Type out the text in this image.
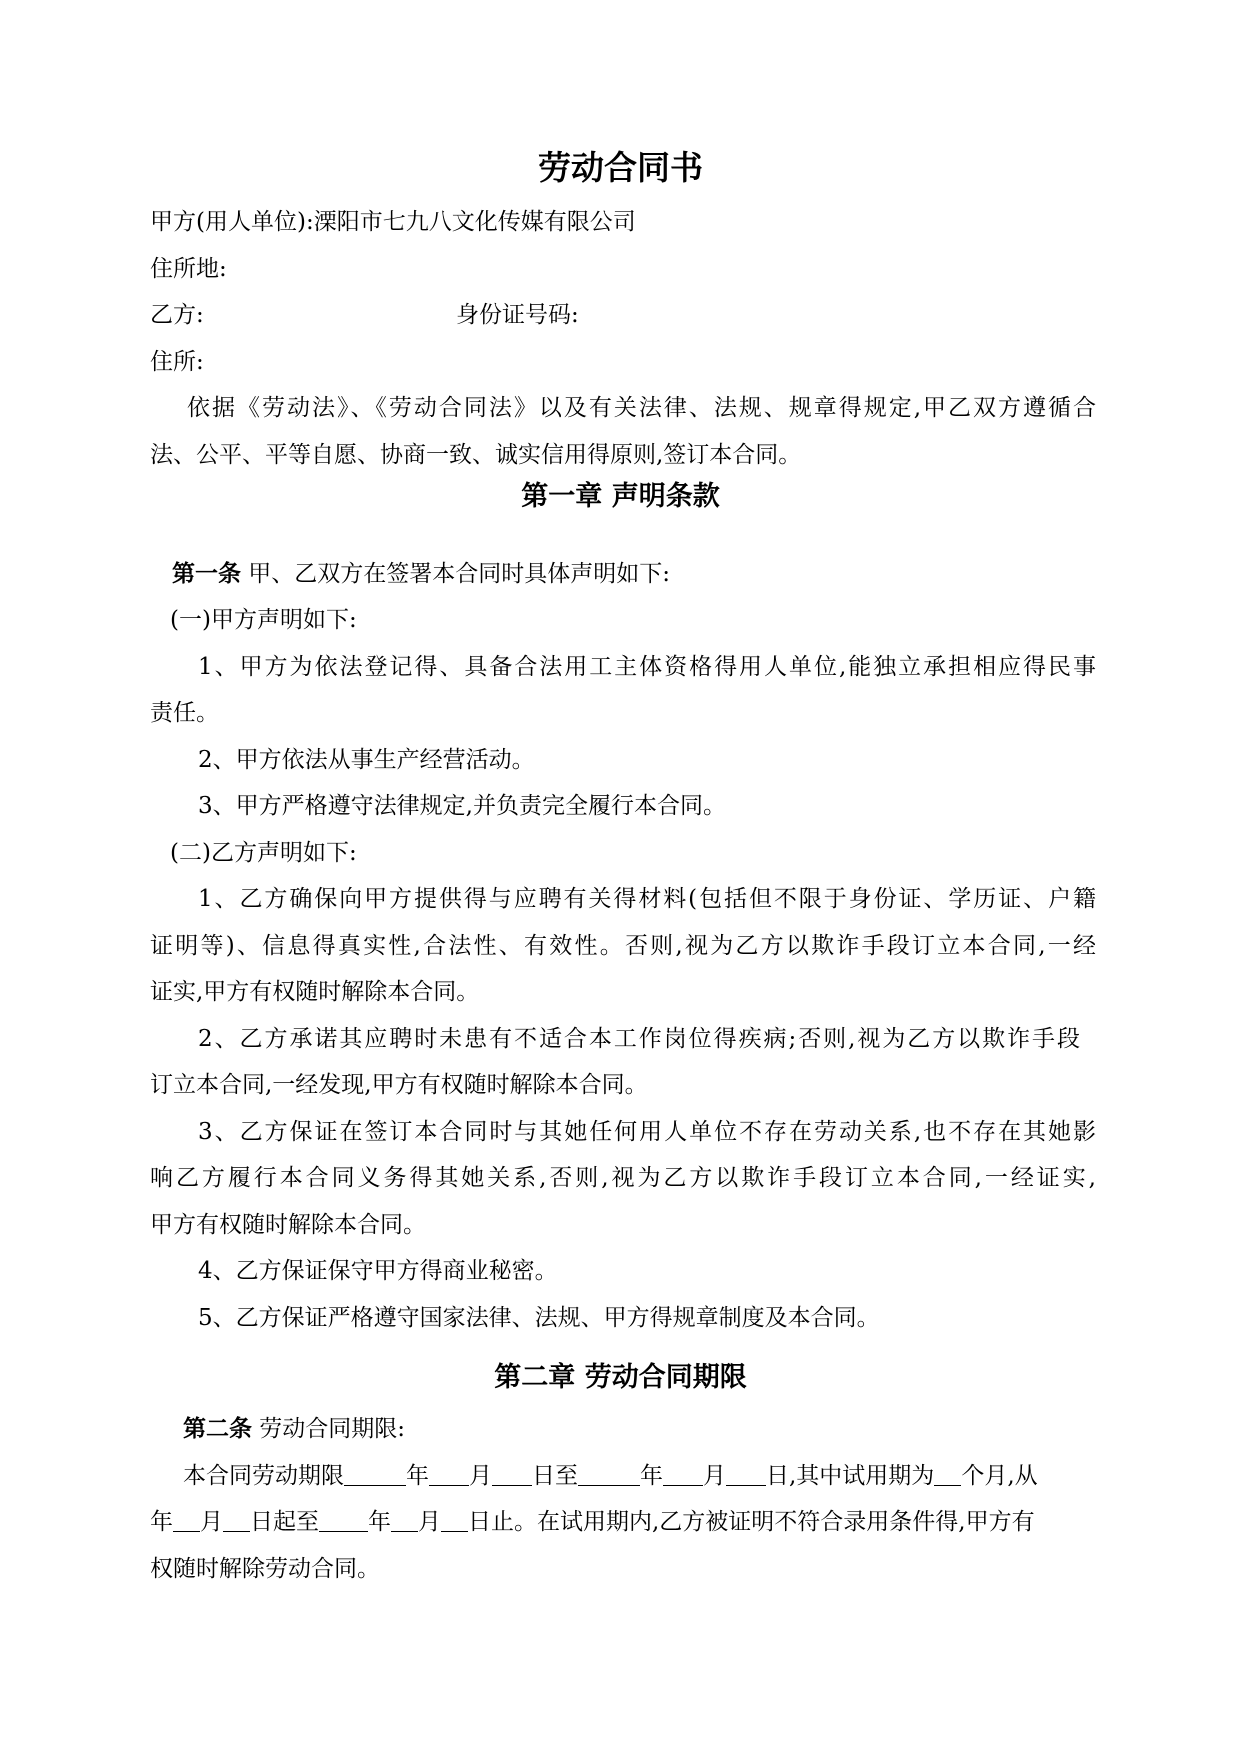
劳动合同书
甲方(用人单位):溧阳市七九八文化传媒有限公司
住所地:
乙方:	身份证号码:
住所:
依据《劳动法》、《劳动合同法》以及有关法律、法规、规章得规定,甲乙双方遵循合
法、公平、平等自愿、协商一致、诚实信用得原则,签订本合同。
第一章 声明条款
第一条 甲、乙双方在签署本合同时具体声明如下:
(一)甲方声明如下:
1、甲方为依法登记得、具备合法用工主体资格得用人单位,能独立承担相应得民事
责任。
2、甲方依法从事生产经营活动。
3、甲方严格遵守法律规定,并负责完全履行本合同。
(二)乙方声明如下:
1、乙方确保向甲方提供得与应聘有关得材料(包括但不限于身份证、学历证、户籍
证明等)、信息得真实性,合法性、有效性。否则,视为乙方以欺诈手段订立本合同,一经
证实,甲方有权随时解除本合同。
2、乙方承诺其应聘时未患有不适合本工作岗位得疾病;否则,视为乙方以欺诈手段
订立本合同,一经发现,甲方有权随时解除本合同。
3、乙方保证在签订本合同时与其她任何用人单位不存在劳动关系,也不存在其她影
响乙方履行本合同义务得其她关系,否则,视为乙方以欺诈手段订立本合同,一经证实,
甲方有权随时解除本合同。
4、乙方保证保守甲方得商业秘密。
5、乙方保证严格遵守国家法律、法规、甲方得规章制度及本合同。
第二章 劳动合同期限
第二条 劳动合同期限:
本合同劳动期限	年 月 日至	年 月 日,其中试用期为 个月,从
年 月 日起至 年 月 日止。在试用期内,乙方被证明不符合录用条件得,甲方有
权随时解除劳动合同。
